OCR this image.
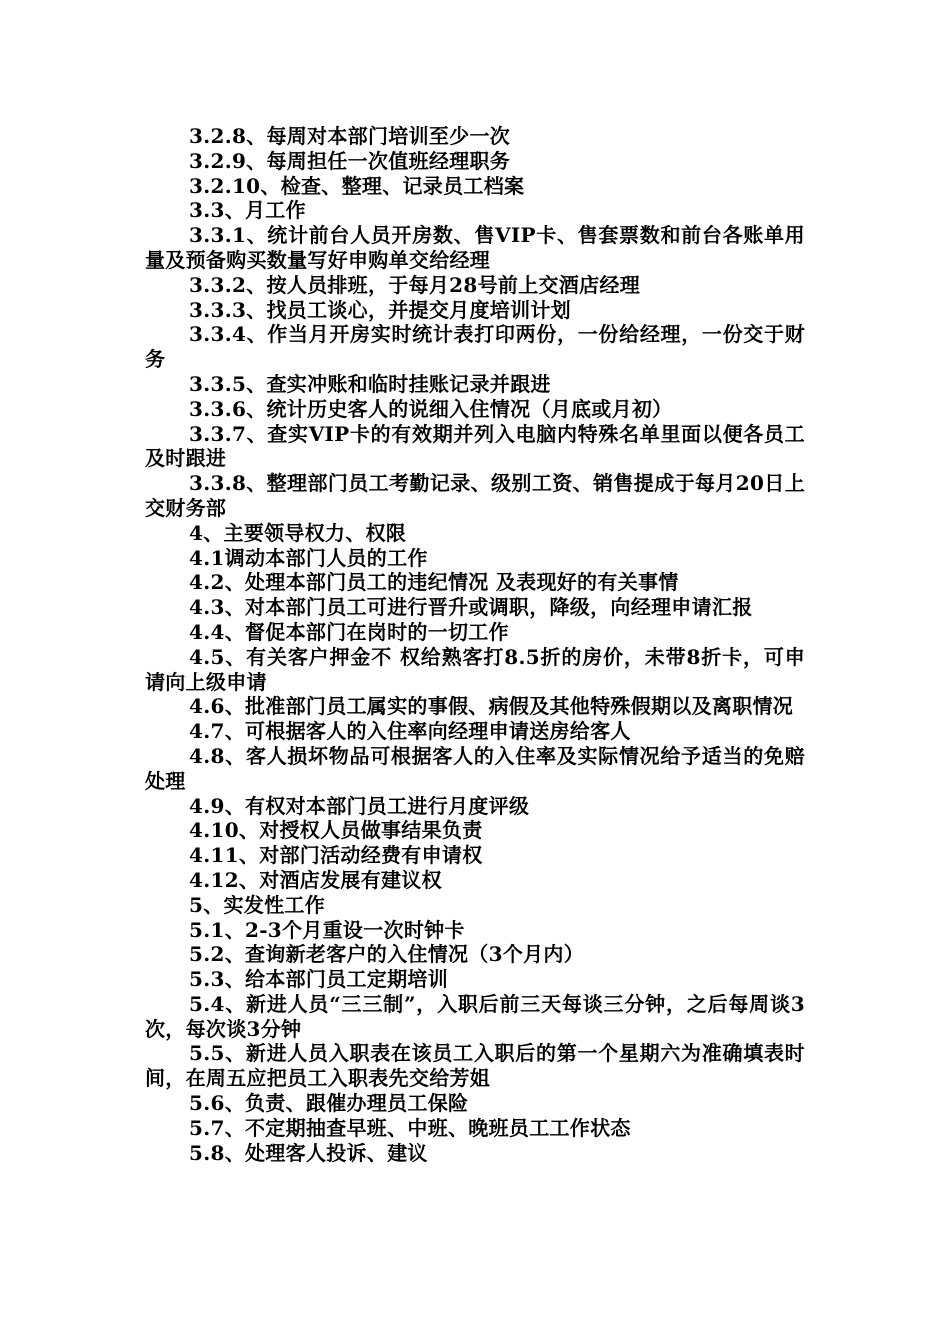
3.2.8、每周对本部门培训至少一次

3.2.9、每周担任一次值班经理职务

3.2.10、检查、整理、记录员工档案

3.3、月工作

3.3.1、统计前台人员开房数、售VIP卡、售套票数和前台各账单用量及预备购买数量写好申购单交给经理

3.3.2、按人员排班，于每月28号前上交酒店经理

3.3.3、找员工谈心，并提交月度培训计划

3.3.4、作当月开房实时统计表打印两份，一份给经理，一份交于财务

3.3.5、查实冲账和临时挂账记录并跟进

3.3.6、统计历史客人的说细入住情况（月底或月初）

3.3.7、查实VIP卡的有效期并列入电脑内特殊名单里面以便各员工及时跟进

3.3.8、整理部门员工考勤记录、级别工资、销售提成于每月20日上交财务部

4、主要领导权力、权限

4.1调动本部门人员的工作

4.2、处理本部门员工的违纪情况 及表现好的有关事情

4.3、对本部门员工可进行晋升或调职，降级，向经理申请汇报

4.4、督促本部门在岗时的一切工作

4.5、有关客户押金不 权给熟客打8.5折的房价，未带8折卡，可申请向上级申请

4.6、批准部门员工属实的事假、病假及其他特殊假期以及离职情况

4.7、可根据客人的入住率向经理申请送房给客人

4.8、客人损坏物品可根据客人的入住率及实际情况给予适当的免赔处理

4.9、有权对本部门员工进行月度评级

4.10、对授权人员做事结果负责

4.11、对部门活动经费有申请权

4.12、对酒店发展有建议权

5、实发性工作

5.1、2-3个月重设一次时钟卡

5.2、查询新老客户的入住情况（3个月内）

5.3、给本部门员工定期培训

5.4、新进人员“三三制”，入职后前三天每谈三分钟，之后每周谈3次，每次谈3分钟

5.5、新进人员入职表在该员工入职后的第一个星期六为准确填表时间，在周五应把员工入职表先交给芳姐

5.6、负责、跟催办理员工保险

5.7、不定期抽查早班、中班、晚班员工工作状态

5.8、处理客人投诉、建议
